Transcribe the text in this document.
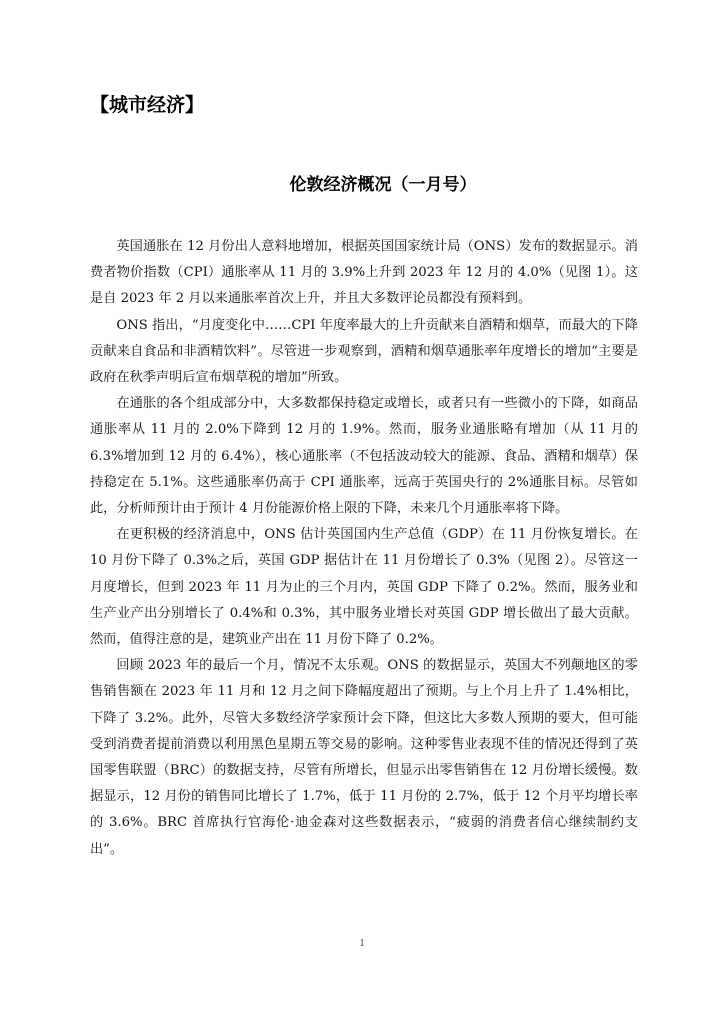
【城市经济】
伦敦经济概况（一月号）

英国通胀在 12 月份出人意料地增加，根据英国国家统计局（ONS）发布的数据显示。消费者物价指数（CPI）通胀率从 11 月的 3.9%上升到 2023 年 12 月的 4.0%（见图 1）。这是自 2023 年 2 月以来通胀率首次上升，并且大多数评论员都没有预料到。

ONS 指出，“月度变化中……CPI 年度率最大的上升贡献来自酒精和烟草，而最大的下降贡献来自食品和非酒精饮料”。尽管进一步观察到，酒精和烟草通胀率年度增长的增加“主要是政府在秋季声明后宣布烟草税的增加”所致。

在通胀的各个组成部分中，大多数都保持稳定或增长，或者只有一些微小的下降，如商品通胀率从 11 月的 2.0%下降到 12 月的 1.9%。然而，服务业通胀略有增加（从 11 月的 6.3%增加到 12 月的 6.4%），核心通胀率（不包括波动较大的能源、食品、酒精和烟草）保持稳定在 5.1%。这些通胀率仍高于 CPI 通胀率，远高于英国央行的 2%通胀目标。尽管如此，分析师预计由于预计 4 月份能源价格上限的下降，未来几个月通胀率将下降。

在更积极的经济消息中，ONS 估计英国国内生产总值（GDP）在 11 月份恢复增长。在 10 月份下降了 0.3%之后，英国 GDP 据估计在 11 月份增长了 0.3%（见图 2）。尽管这一月度增长，但到 2023 年 11 月为止的三个月内，英国 GDP 下降了 0.2%。然而，服务业和生产业产出分别增长了 0.4%和 0.3%，其中服务业增长对英国 GDP 增长做出了最大贡献。然而，值得注意的是，建筑业产出在 11 月份下降了 0.2%。

回顾 2023 年的最后一个月，情况不太乐观。ONS 的数据显示，英国大不列颠地区的零售销售额在 2023 年 11 月和 12 月之间下降幅度超出了预期。与上个月上升了 1.4%相比，下降了 3.2%。此外，尽管大多数经济学家预计会下降，但这比大多数人预期的要大，但可能受到消费者提前消费以利用黑色星期五等交易的影响。这种零售业表现不佳的情况还得到了英国零售联盟（BRC）的数据支持，尽管有所增长，但显示出零售销售在 12 月份增长缓慢。数据显示，12 月份的销售同比增长了 1.7%，低于 11 月份的 2.7%，低于 12 个月平均增长率的 3.6%。BRC 首席执行官海伦·迪金森对这些数据表示，“疲弱的消费者信心继续制约支出”。

1
